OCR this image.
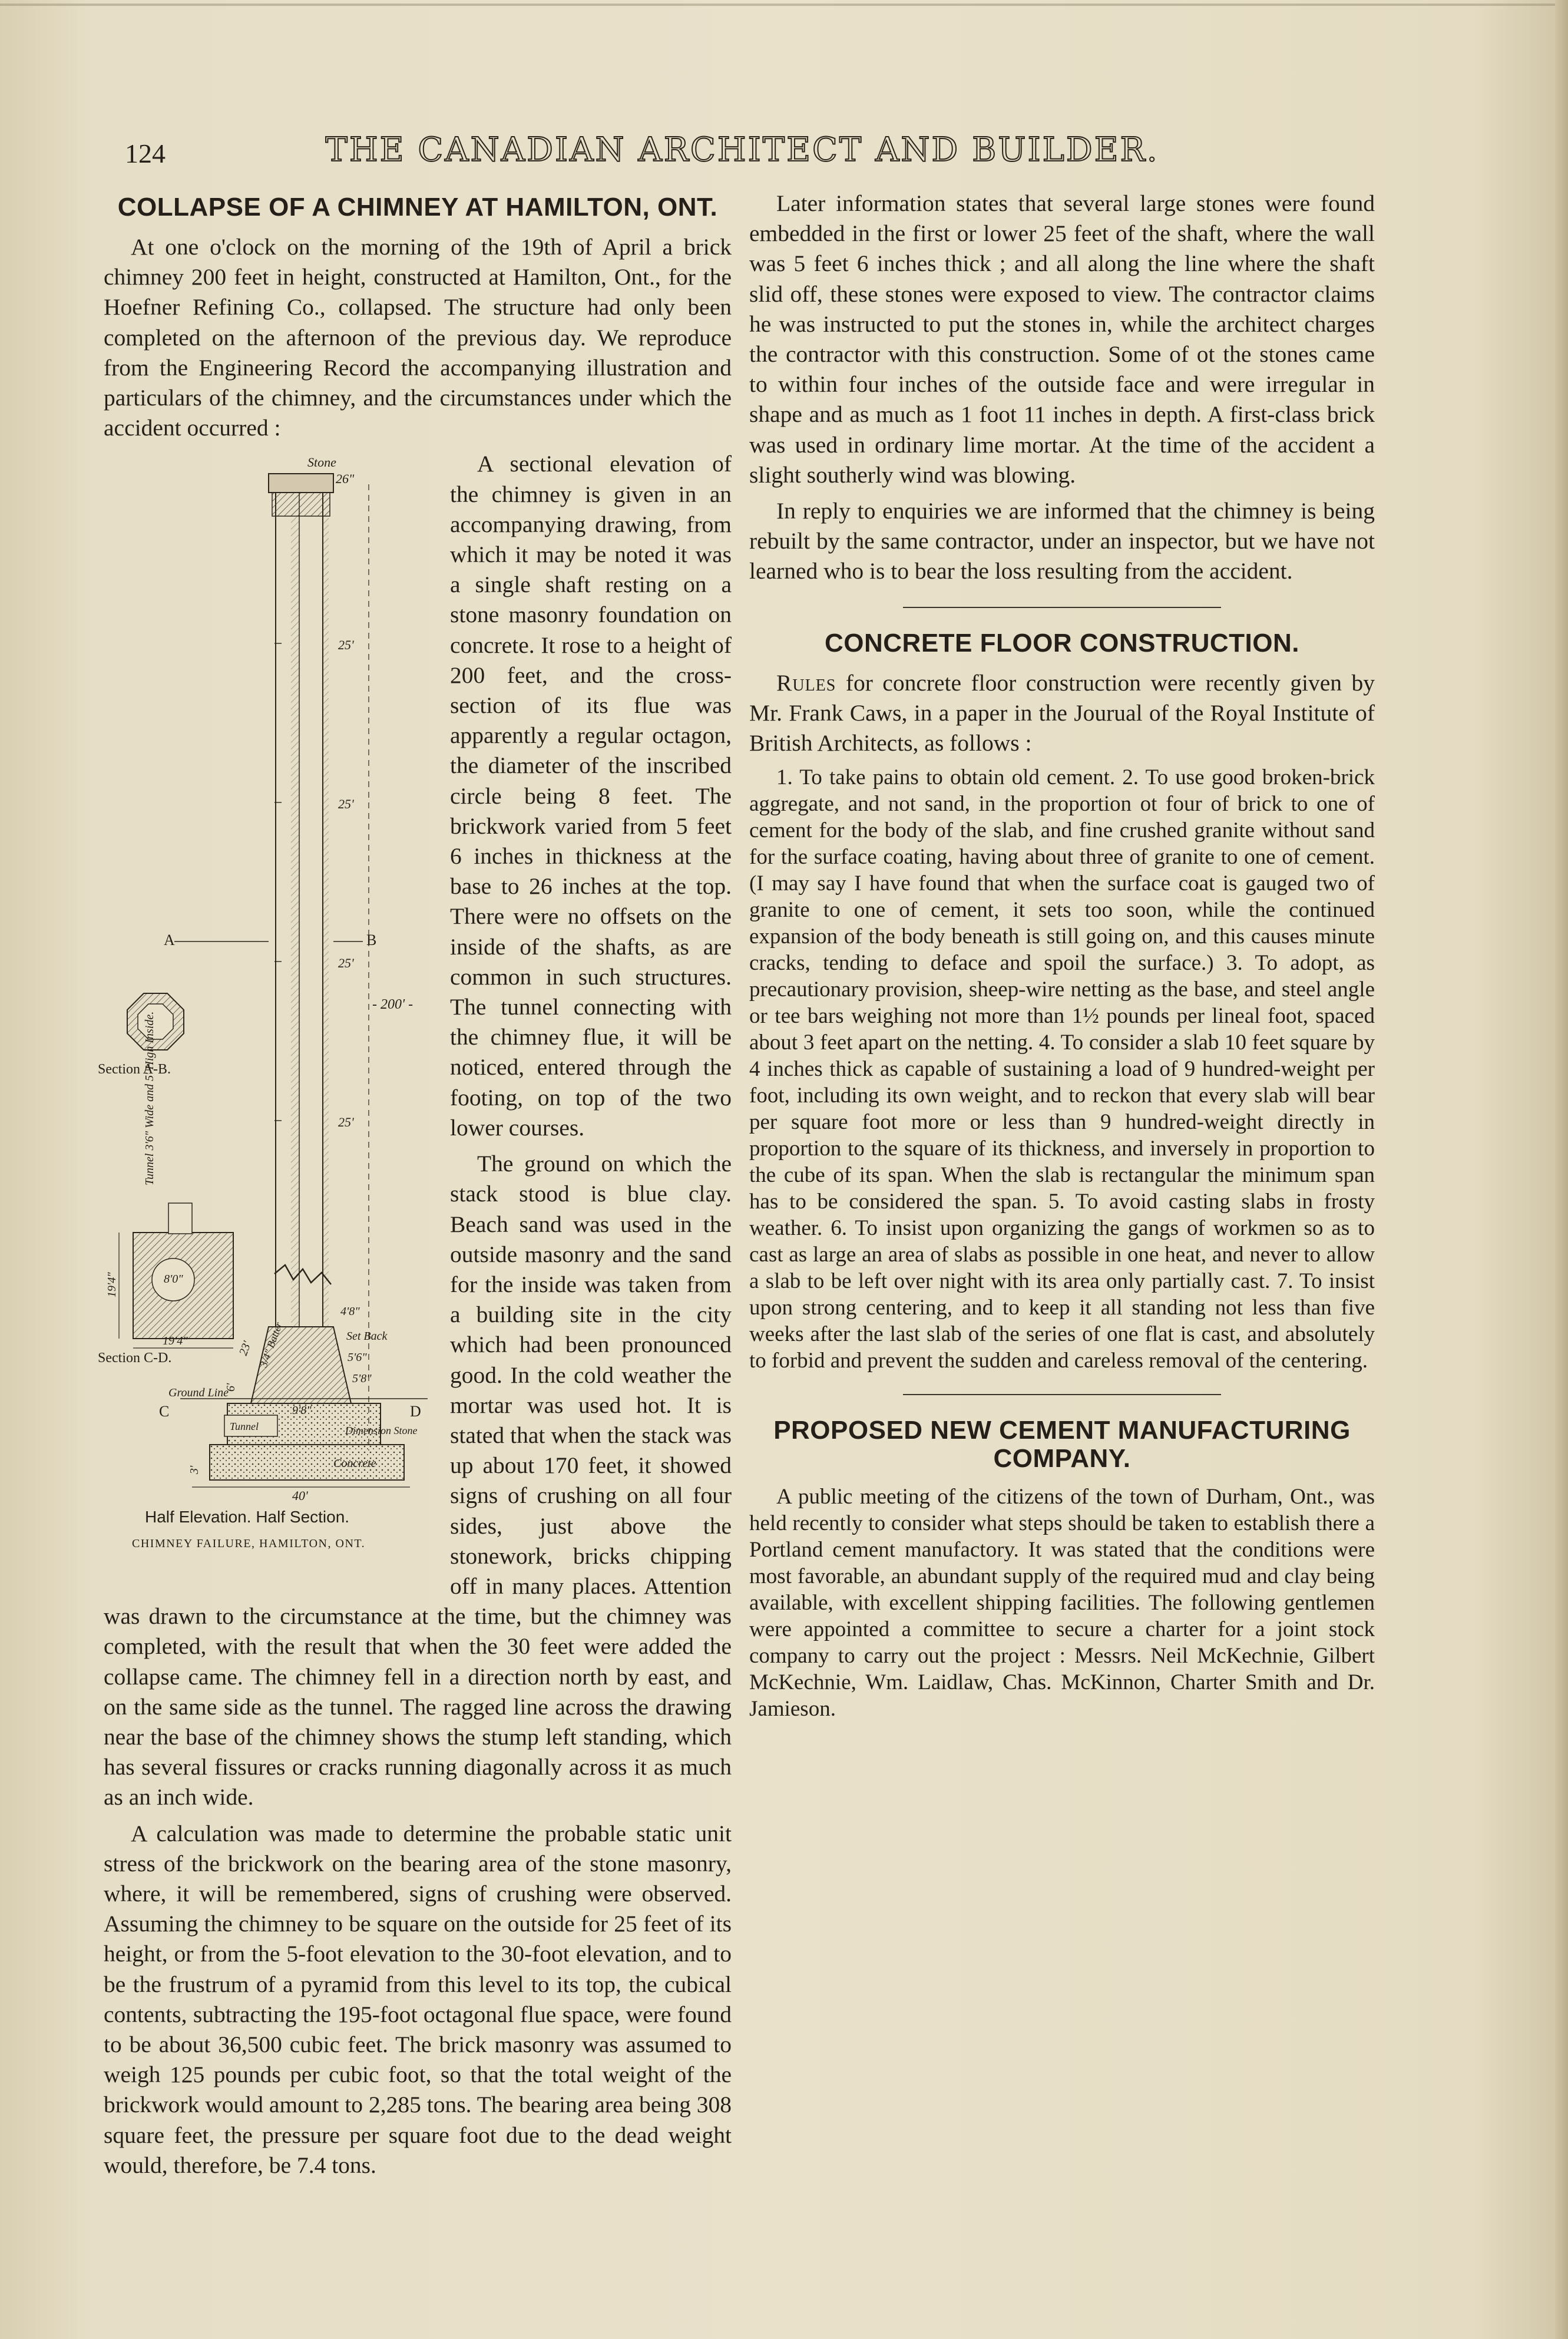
124	THE CANADIAN ARCHITECT AND BUILDER.
COLLAPSE OF A CHIMNEY AT HAMILTON, ONT.

At one o'clock on the morning of the 19th of April a brick chimney 200 feet in height, constructed at Hamilton, Ont., for the Hoefner Refining Co., collapsed. The structure had only been completed on the afternoon of the previous day. We reproduce from the Engineering Record the accompanying illustration and particulars of the chimney, and the circumstances under which the accident occurred :

Stone
26"
25'
25'
25'
25'
- 200' -
A	B
Section A-B.
Tunnel 3'6" Wide and 5' High Inside.
8'0"
19'4"
19'4"
Section C-D.
4'8"
Set Back
5'6"
5'8"
23' 3/4" Batter
6'
Ground Line
C	D
Tunnel
9'8"
Dimension Stone
Concrete
3'
40'
Half Elevation. Half Section.
CHIMNEY FAILURE, HAMILTON, ONT.

A sectional elevation of the chimney is given in an accompanying drawing, from which it may be noted it was a single shaft resting on a stone masonry foundation on concrete. It rose to a height of 200 feet, and the cross-section of its flue was apparently a regular octagon, the diameter of the inscribed circle being 8 feet. The brickwork varied from 5 feet 6 inches in thickness at the base to 26 inches at the top. There were no offsets on the inside of the shafts, as are common in such structures. The tunnel connecting with the chimney flue, it will be noticed, entered through the footing, on top of the two lower courses.

The ground on which the stack stood is blue clay. Beach sand was used in the outside masonry and the sand for the inside was taken from a building site in the city which had been pronounced good. In the cold weather the mortar was used hot. It is stated that when the stack was up about 170 feet, it showed signs of crushing on all four sides, just above the stonework, bricks chipping off in many places. Attention was drawn to the circumstance at the time, but the chimney was completed, with the result that when the 30 feet were added the collapse came. The chimney fell in a direction north by east, and on the same side as the tunnel. The ragged line across the drawing near the base of the chimney shows the stump left standing, which has several fissures or cracks running diagonally across it as much as an inch wide.

A calculation was made to determine the probable static unit stress of the brickwork on the bearing area of the stone masonry, where, it will be remembered, signs of crushing were observed. Assuming the chimney to be square on the outside for 25 feet of its height, or from the 5-foot elevation to the 30-foot elevation, and to be the frustrum of a pyramid from this level to its top, the cubical contents, subtracting the 195-foot octagonal flue space, were found to be about 36,500 cubic feet. The brick masonry was assumed to weigh 125 pounds per cubic foot, so that the total weight of the brickwork would amount to 2,285 tons. The bearing area being 308 square feet, the pressure per square foot due to the dead weight would, therefore, be 7.4 tons.

Later information states that several large stones were found embedded in the first or lower 25 feet of the shaft, where the wall was 5 feet 6 inches thick ; and all along the line where the shaft slid off, these stones were exposed to view. The contractor claims he was instructed to put the stones in, while the architect charges the contractor with this construction. Some of ot the stones came to within four inches of the outside face and were irregular in shape and as much as 1 foot 11 inches in depth. A first-class brick was used in ordinary lime mortar. At the time of the accident a slight southerly wind was blowing.

In reply to enquiries we are informed that the chimney is being rebuilt by the same contractor, under an inspector, but we have not learned who is to bear the loss resulting from the accident.

CONCRETE FLOOR CONSTRUCTION.

Rules for concrete floor construction were recently given by Mr. Frank Caws, in a paper in the Jourual of the Royal Institute of British Architects, as follows :

1. To take pains to obtain old cement. 2. To use good broken-brick aggregate, and not sand, in the proportion ot four of brick to one of cement for the body of the slab, and fine crushed granite without sand for the surface coating, having about three of granite to one of cement. (I may say I have found that when the surface coat is gauged two of granite to one of cement, it sets too soon, while the continued expansion of the body beneath is still going on, and this causes minute cracks, tending to deface and spoil the surface.) 3. To adopt, as precautionary provision, sheep-wire netting as the base, and steel angle or tee bars weighing not more than 1½ pounds per lineal foot, spaced about 3 feet apart on the netting. 4. To consider a slab 10 feet square by 4 inches thick as capable of sustaining a load of 9 hundred-weight per foot, including its own weight, and to reckon that every slab will bear per square foot more or less than 9 hundred-weight directly in proportion to the square of its thickness, and inversely in proportion to the cube of its span. When the slab is rectangular the minimum span has to be considered the span. 5. To avoid casting slabs in frosty weather. 6. To insist upon organizing the gangs of workmen so as to cast as large an area of slabs as possible in one heat, and never to allow a slab to be left over night with its area only partially cast. 7. To insist upon strong centering, and to keep it all standing not less than five weeks after the last slab of the series of one flat is cast, and absolutely to forbid and prevent the sudden and careless removal of the centering.

PROPOSED NEW CEMENT MANUFACTURING COMPANY.

A public meeting of the citizens of the town of Durham, Ont., was held recently to consider what steps should be taken to establish there a Portland cement manufactory. It was stated that the conditions were most favorable, an abundant supply of the required mud and clay being available, with excellent shipping facilities. The following gentlemen were appointed a committee to secure a charter for a joint stock company to carry out the project : Messrs. Neil McKechnie, Gilbert McKechnie, Wm. Laidlaw, Chas. McKinnon, Charter Smith and Dr. Jamieson.
